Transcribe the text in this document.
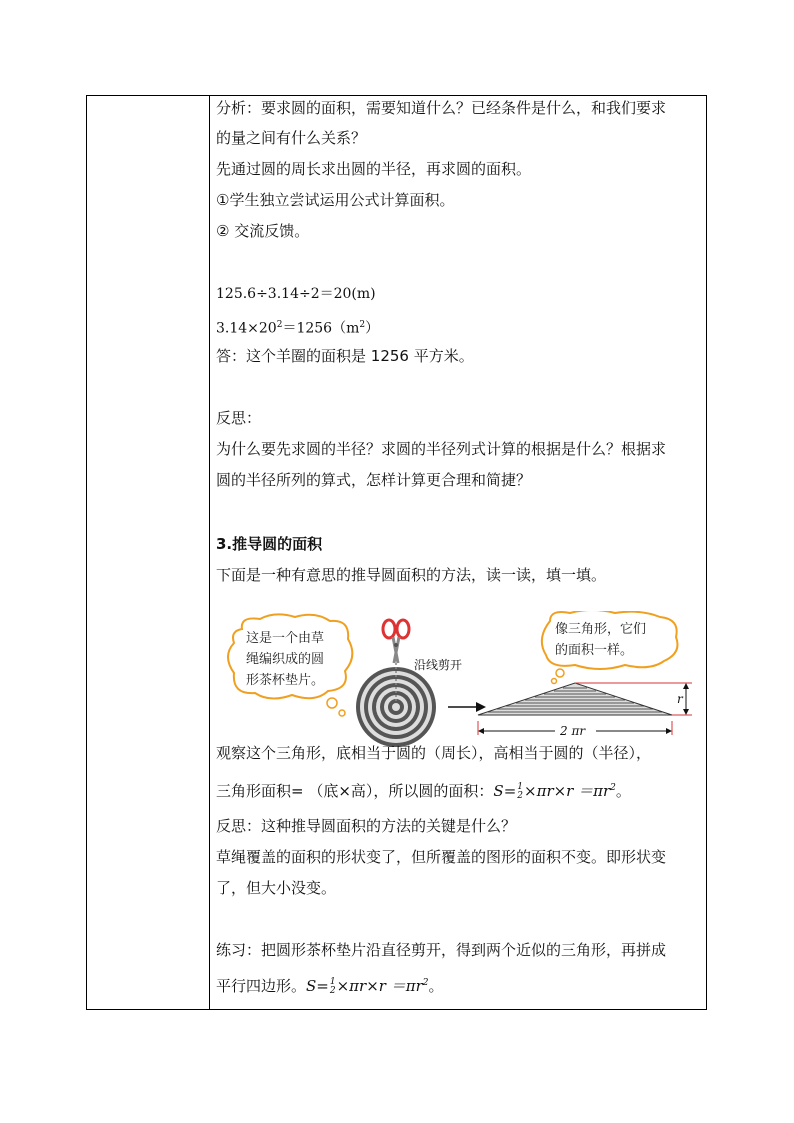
分析：要求圆的面积，需要知道什么？已经条件是什么，和我们要求
的量之间有什么关系？
先通过圆的周长求出圆的半径，再求圆的面积。
①学生独立尝试运用公式计算面积。
② 交流反馈。
125.6÷3.14÷2＝20(m)
$3.14\times 20^2=1256(m^2)$
答：这个羊圈的面积是 1256 平方米。
反思：
为什么要先求圆的半径？求圆的半径列式计算的根据是什么？根据求
圆的半径所列的算式，怎样计算更合理和简捷？
3.推导圆的面积
下面是一种有意思的推导圆面积的方法，读一读，填一填。
这是一个由草
绳编织成的圆
形茶杯垫片。
沿线剪开
像三角形，它们
的面积一样。
r
2 πr
观察这个三角形，底相当于圆的（周长），高相当于圆的（半径），
三角形面积= （底×高），所以圆的面积：S= 1
$2 \times\pi r\times r =\pi r^2$。
反思：这种推导圆面积的方法的关键是什么？
草绳覆盖的面积的形状变了，但所覆盖的图形的面积不变。即形状变
了，但大小没变。
练习：把圆形茶杯垫片沿直径剪开，得到两个近似的三角形，再拼成
平行四边形。S= 1
$2 \times\pi r\times r =\pi r^2$。
